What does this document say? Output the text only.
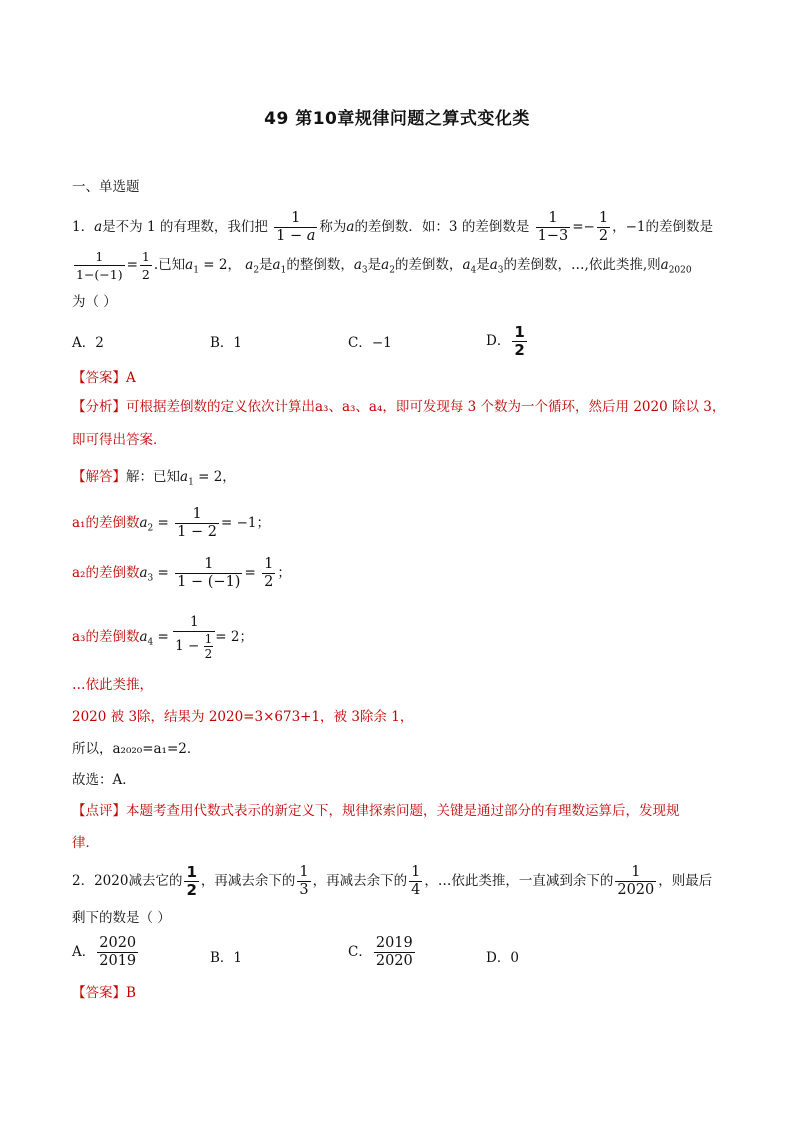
49 第10章规律问题之算式变化类
一、单选题
1．a是不为 1 的有理数，我们把 $\frac{1}{1 - a}$ 称为a的差倒数．如：3 的差倒数是 $\frac{1}{1-3} =- \frac{1}{2}$ ，−1的差倒数是
$\frac{1}{1-(-1)} = \frac{1}{2}$ .已知$a_1 = 2$， $a_2$是$a_1$的整倒数，$a_3$是$a_2$的差倒数，$a_4$是$a_3$的差倒数，…,依此类推,则$a_{2020}$
为（ ）
A．2	B．1	C．−1	D． $\frac{1}{2}$
【答案】A
【分析】可根据差倒数的定义依次计算出a₃、a₃、a₄，即可发现每 3 个数为一个循环，然后用 2020 除以 3，
即可得出答案．
【解答】解：已知$a_1 = 2$，
a₁的差倒数$a_2 = \frac{1}{1 - 2} = -1$；
a₂的差倒数$a_3 = \frac{1}{1 - (-1)} = \frac{1}{2}$ ；
a₃的差倒数$a_4 = \frac{1}{1 - \frac{1}{2}} = 2$；
…依此类推，
2020 被 3除，结果为 2020=3×673+1，被 3除余 1，
所以，a₂₀₂₀=a₁=2．
故选：A．
【点评】本题考查用代数式表示的新定义下，规律探索问题，关键是通过部分的有理数运算后，发现规
律．
2．2020减去它的 $\frac{1}{2}$ ，再减去余下的 $\frac{1}{3}$ ，再减去余下的 $\frac{1}{4}$ ，…依此类推，一直减到余下的 $\frac{1}{2020}$ ，则最后
剩下的数是（ ）
A． $\frac{2020}{2019}$	B．1	C． $\frac{2019}{2020}$	D．0
【答案】B
